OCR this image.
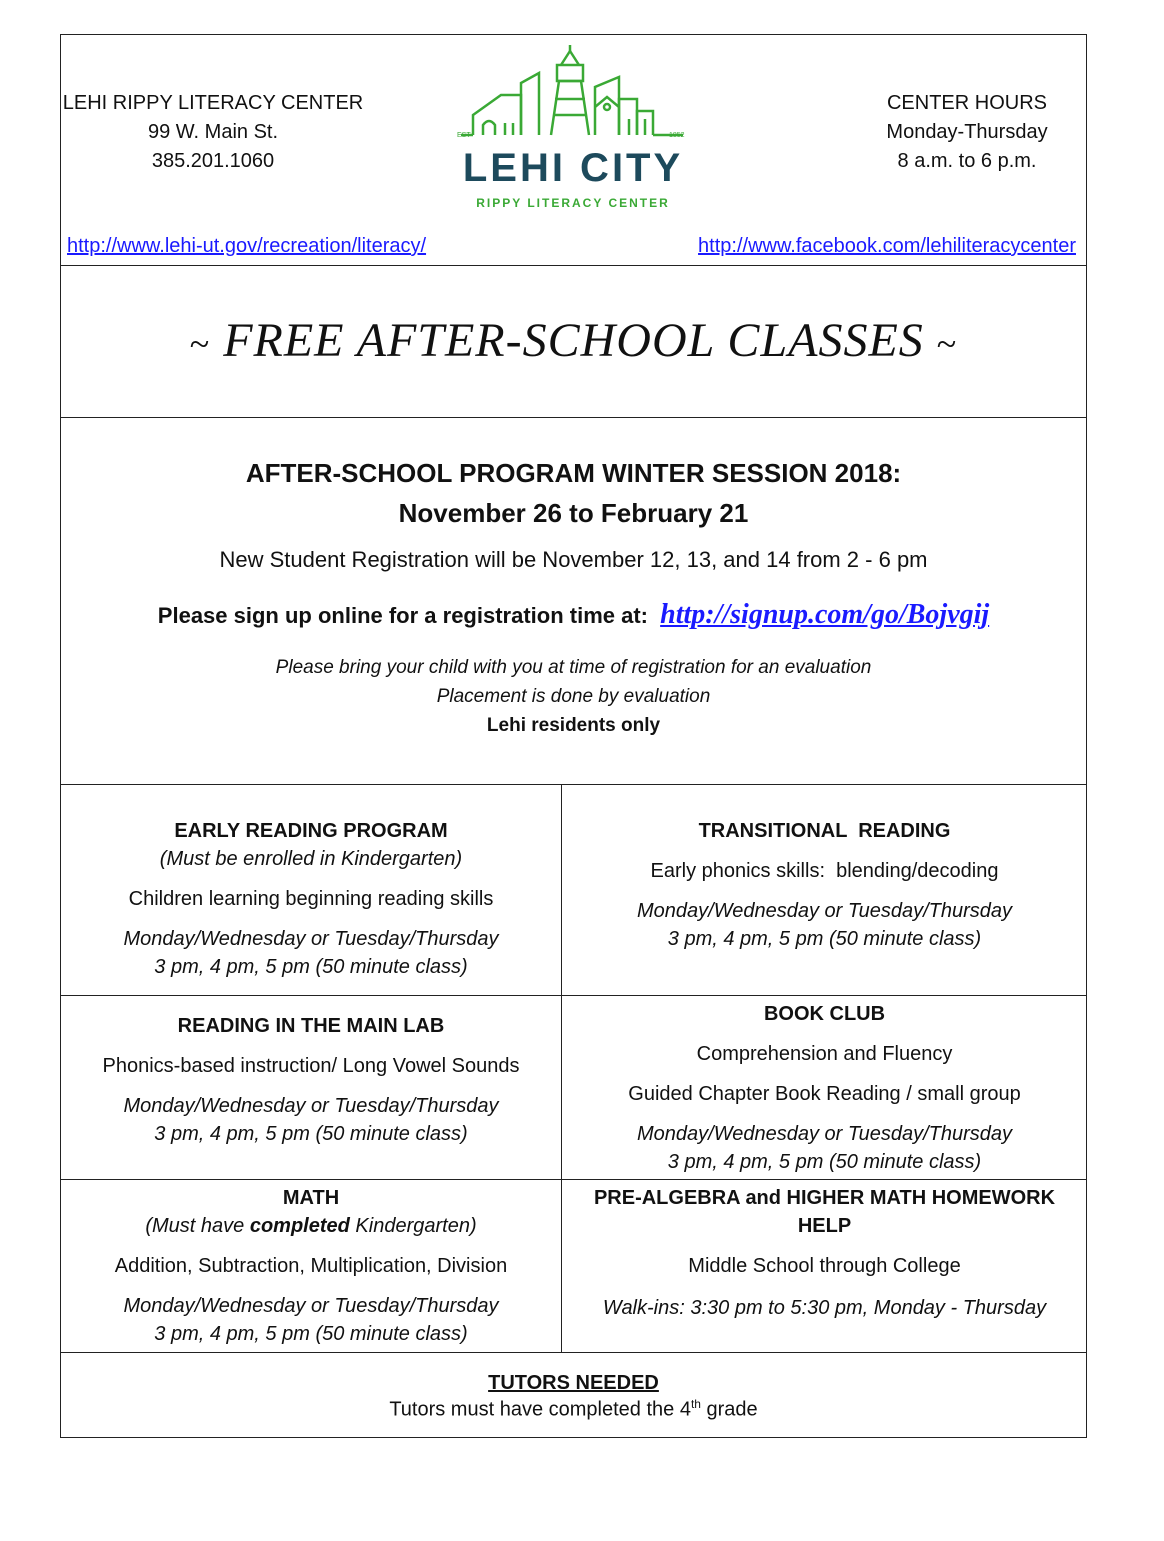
LEHI RIPPY LITERACY CENTER
99 W. Main St.
385.201.1060
EST	1852
LEHI CITY
RIPPY LITERACY CENTER
CENTER HOURS
Monday-Thursday
8 a.m. to 6 p.m.
http://www.lehi-ut.gov/recreation/literacy/	http://www.facebook.com/lehiliteracycenter
~ FREE AFTER-SCHOOL CLASSES ~
AFTER-SCHOOL PROGRAM WINTER SESSION 2018:
November 26 to February 21
New Student Registration will be November 12, 13, and 14 from 2 - 6 pm
Please sign up online for a registration time at: http://signup.com/go/Bojvgij
Please bring your child with you at time of registration for an evaluation
Placement is done by evaluation
Lehi residents only
EARLY READING PROGRAM
(Must be enrolled in Kindergarten)
Children learning beginning reading skills
Monday/Wednesday or Tuesday/Thursday
3 pm, 4 pm, 5 pm (50 minute class)
TRANSITIONAL  READING
Early phonics skills:  blending/decoding
Monday/Wednesday or Tuesday/Thursday
3 pm, 4 pm, 5 pm (50 minute class)
READING IN THE MAIN LAB
Phonics-based instruction/ Long Vowel Sounds
Monday/Wednesday or Tuesday/Thursday
3 pm, 4 pm, 5 pm (50 minute class)
BOOK CLUB
Comprehension and Fluency
Guided Chapter Book Reading / small group
Monday/Wednesday or Tuesday/Thursday
3 pm, 4 pm, 5 pm (50 minute class)
MATH
(Must have completed Kindergarten)
Addition, Subtraction, Multiplication, Division
Monday/Wednesday or Tuesday/Thursday
3 pm, 4 pm, 5 pm (50 minute class)
PRE-ALGEBRA and HIGHER MATH HOMEWORK HELP
Middle School through College
Walk-ins: 3:30 pm to 5:30 pm, Monday - Thursday
TUTORS NEEDED
Tutors must have completed the 4th grade
